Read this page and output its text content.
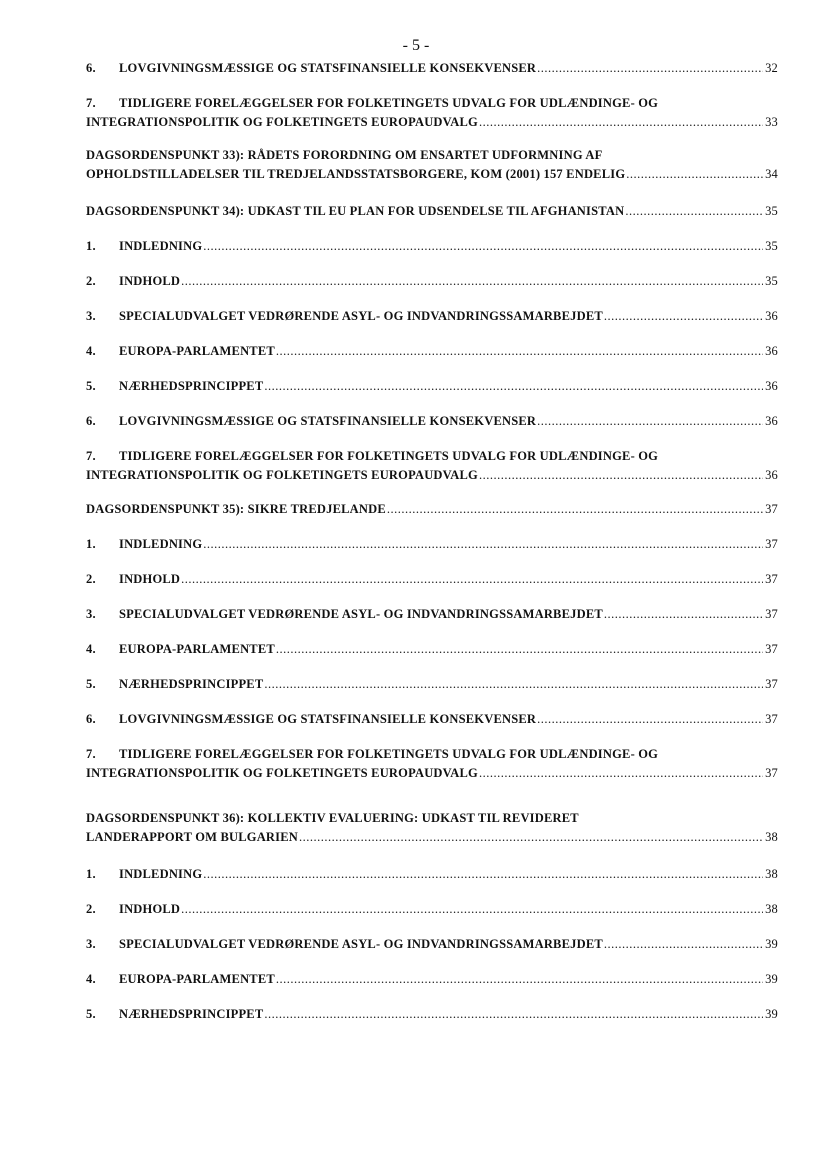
- 5 -
6.	LOVGIVNINGSMÆSSIGE OG STATSFINANSIELLE KONSEKVENSER .....	32
7.	TIDLIGERE FORELÆGGELSER FOR FOLKETINGETS UDVALG FOR UDLÆNDINGE- OG
INTEGRATIONSPOLITIK OG FOLKETINGETS EUROPAUDVALG .....	33
DAGSORDENSPUNKT 33): RÅDETS FORORDNING OM ENSARTET UDFORMNING AF
OPHOLDSTILLADELSER TIL TREDJELANDSSTATSBORGERE, KOM (2001) 157 ENDELIG .....	34
DAGSORDENSPUNKT 34): UDKAST TIL EU PLAN FOR UDSENDELSE TIL AFGHANISTAN .....	35
1.	INDLEDNING .....	35
2.	INDHOLD .....	35
3.	SPECIALUDVALGET VEDRØRENDE ASYL- OG INDVANDRINGSSAMARBEJDET .....	36
4.	EUROPA-PARLAMENTET .....	36
5.	NÆRHEDSPRINCIPPET .....	36
6.	LOVGIVNINGSMÆSSIGE OG STATSFINANSIELLE KONSEKVENSER .....	36
7.	TIDLIGERE FORELÆGGELSER FOR FOLKETINGETS UDVALG FOR UDLÆNDINGE- OG
INTEGRATIONSPOLITIK OG FOLKETINGETS EUROPAUDVALG .....	36
DAGSORDENSPUNKT 35): SIKRE TREDJELANDE .....	37
1.	INDLEDNING .....	37
2.	INDHOLD .....	37
3.	SPECIALUDVALGET VEDRØRENDE ASYL- OG INDVANDRINGSSAMARBEJDET .....	37
4.	EUROPA-PARLAMENTET .....	37
5.	NÆRHEDSPRINCIPPET .....	37
6.	LOVGIVNINGSMÆSSIGE OG STATSFINANSIELLE KONSEKVENSER .....	37
7.	TIDLIGERE FORELÆGGELSER FOR FOLKETINGETS UDVALG FOR UDLÆNDINGE- OG
INTEGRATIONSPOLITIK OG FOLKETINGETS EUROPAUDVALG .....	37
DAGSORDENSPUNKT 36): KOLLEKTIV EVALUERING: UDKAST TIL REVIDERET
LANDERAPPORT OM BULGARIEN .....	38
1.	INDLEDNING .....	38
2.	INDHOLD .....	38
3.	SPECIALUDVALGET VEDRØRENDE ASYL- OG INDVANDRINGSSAMARBEJDET .....	39
4.	EUROPA-PARLAMENTET .....	39
5.	NÆRHEDSPRINCIPPET .....	39
